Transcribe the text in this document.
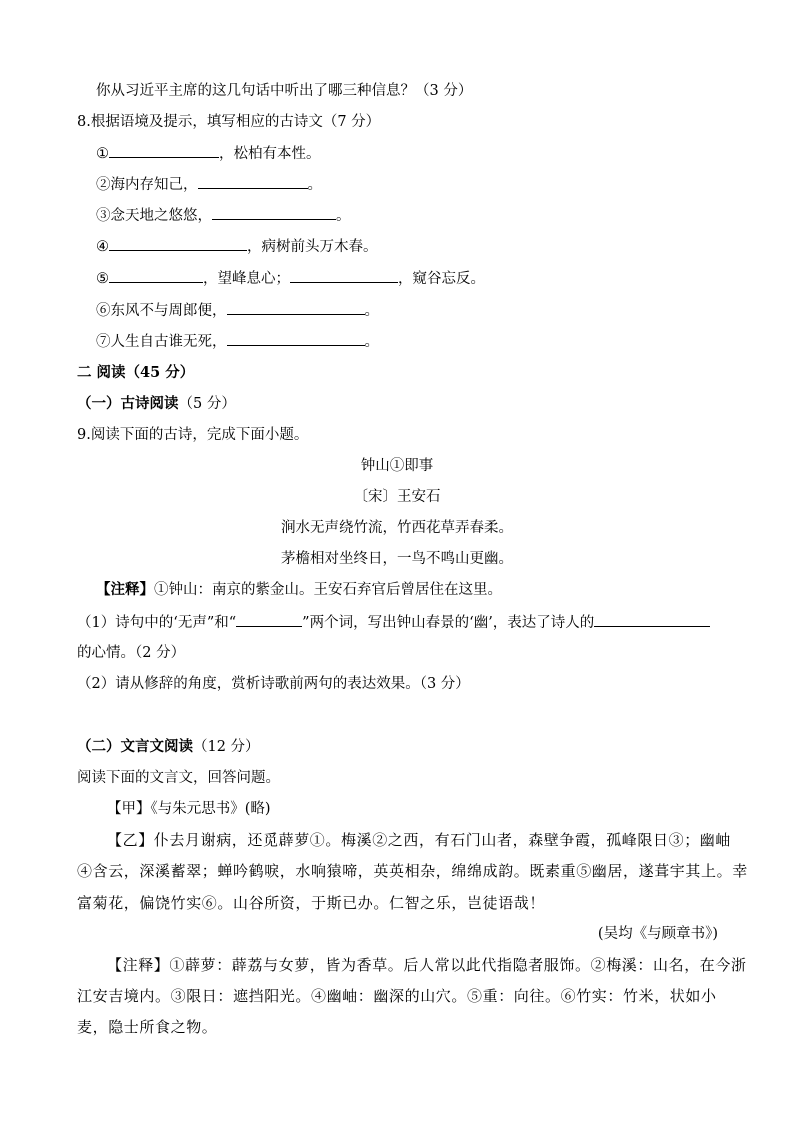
你从习近平主席的这几句话中听出了哪三种信息？（3 分）
8.根据语境及提示，填写相应的古诗文（7 分）
①	，松柏有本性。
②海内存知己，	。
③念天地之悠悠，	。
④	，病树前头万木春。
⑤	，望峰息心；	，窥谷忘反。
⑥东风不与周郎便，	。
⑦人生自古谁无死，	。
二 阅读（45 分）
（一）古诗阅读（5 分）
9.阅读下面的古诗，完成下面小题。
钟山①即事
〔宋〕王安石
涧水无声绕竹流，竹西花草弄春柔。
茅檐相对坐终日，一鸟不鸣山更幽。
【注释】①钟山：南京的紫金山。王安石弃官后曾居住在这里。
（1）诗句中的‘无声”和“	”两个词，写出钟山春景的‘幽’，表达了诗人的
的心情。（2 分）
（2）请从修辞的角度，赏析诗歌前两句的表达效果。（3 分）
（二）文言文阅读（12 分）
阅读下面的文言文，回答问题。
【甲】《与朱元思书》(略)
【乙】仆去月谢病，还觅薜萝①。梅溪②之西，有石门山者，森壁争霞，孤峰限日③；幽岫
④含云，深溪蓄翠；蝉吟鹤唳，水响猿啼，英英相杂，绵绵成韵。既素重⑤幽居，遂葺宇其上。幸
富菊花，偏饶竹实⑥。山谷所资，于斯已办。仁智之乐，岂徒语哉！
(吴均《与顾章书》)
【注释】①薜萝：薜荔与女萝，皆为香草。后人常以此代指隐者服饰。②梅溪：山名，在今浙
江安吉境内。③限日：遮挡阳光。④幽岫：幽深的山穴。⑤重：向往。⑥竹实：竹米，状如小
麦，隐士所食之物。
